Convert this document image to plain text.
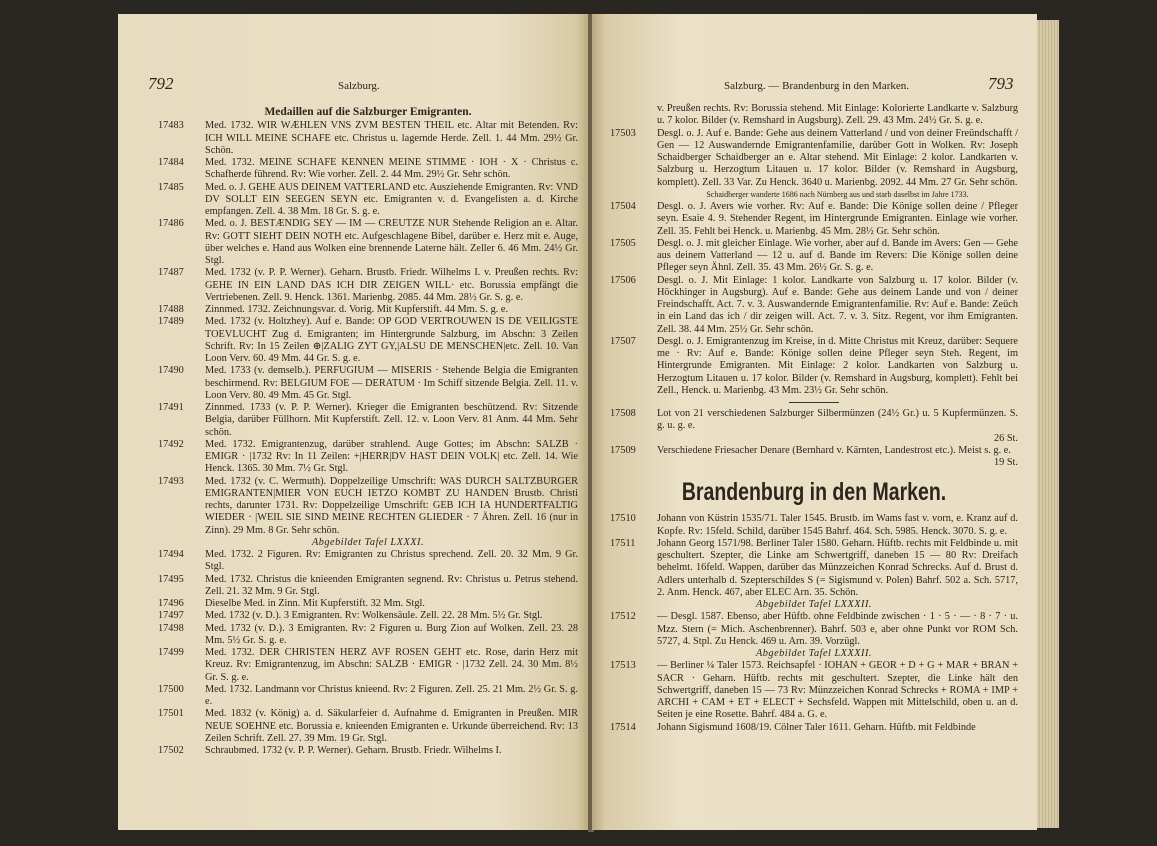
792	Salzburg.
Medaillen auf die Salzburger Emigranten.
17483 Med. 1732. WIR WÆHLEN VNS ZVM BESTEN THEIL etc. Altar mit Betenden. Rv: ICH WILL MEINE SCHAFE etc. Christus u. lagernde Herde. Zell. 1. 44 Mm. 29½ Gr. Schön.
17484 Med. 1732. MEINE SCHAFE KENNEN MEINE STIMME · IOH · X · Christus c. Schafherde führend. Rv: Wie vorher. Zell. 2. 44 Mm. 29½ Gr. Sehr schön.
17485 Med. o. J. GEHE AUS DEINEM VATTERLAND etc. Ausziehende Emigranten. Rv: VND DV SOLLT EIN SEEGEN SEYN etc. Emigranten v. d. Evangelisten a. d. Kirche empfangen. Zell. 4. 38 Mm. 18 Gr. S. g. e.
17486 Med. o. J. BESTÆNDIG SEY — IM — CREUTZE NUR Stehende Religion an e. Altar. Rv: GOTT SIEHT DEIN NOTH etc. Aufgeschlagene Bibel, darüber e. Herz mit e. Auge, über welches e. Hand aus Wolken eine brennende Laterne hält. Zeller 6. 46 Mm. 24½ Gr. Stgl.
17487 Med. 1732 (v. P. P. Werner). Geharn. Brustb. Friedr. Wilhelms I. v. Preußen rechts. Rv: GEHE IN EIN LAND DAS ICH DIR ZEIGEN WILL· etc. Borussia empfängt die Vertriebenen. Zell. 9. Henck. 1361. Marienbg. 2085. 44 Mm. 28½ Gr. S. g. e.
17488 Zinnmed. 1732. Zeichnungsvar. d. Vorig. Mit Kupferstift. 44 Mm. S. g. e.
17489 Med. 1732 (v. Holtzhey). Auf e. Bande: OP GOD VERTROUWEN IS DE VEILIGSTE TOEVLUCHT Zug d. Emigranten; im Hintergrunde Salzburg, im Abschn: 3 Zeilen Schrift. Rv: In 15 Zeilen ⊕|ZALIG ZYT GY,|ALSU DE MENSCHEN|etc. Zell. 10. Van Loon Verv. 60. 49 Mm. 44 Gr. S. g. e.
17490 Med. 1733 (v. demselb.). PERFUGIUM — MISERIS · Stehende Belgia die Emigranten beschirmend. Rv: BELGIUM FOE — DERATUM · Im Schiff sitzende Belgia. Zell. 11. v. Loon Verv. 80. 49 Mm. 45 Gr. Stgl.
17491 Zinnmed. 1733 (v. P. P. Werner). Krieger die Emigranten beschützend. Rv: Sitzende Belgia, darüber Füllhorn. Mit Kupferstift. Zell. 12. v. Loon Verv. 81 Anm. 44 Mm. Sehr schön.
17492 Med. 1732. Emigrantenzug, darüber strahlend. Auge Gottes; im Abschn: SALZB · EMIGR · |1732 Rv: In 11 Zeilen: +|HERR|DV HAST DEIN VOLK| etc. Zell. 14. Wie Henck. 1365. 30 Mm. 7½ Gr. Stgl.
17493 Med. 1732 (v. C. Wermuth). Doppelzeilige Umschrift: WAS DURCH SALTZBURGER EMIGRANTEN|MIER VON EUCH IETZO KOMBT ZU HANDEN Brustb. Christi rechts, darunter 1731. Rv: Doppelzeilige Umschrift: GEB ICH IA HUNDERTFALTIG WIEDER · |WEIL SIE SIND MEINE RECHTEN GLIEDER · 7 Ähren. Zell. 16 (nur in Zinn). 29 Mm. 8 Gr. Sehr schön.
Abgebildet Tafel LXXXI.
17494 Med. 1732. 2 Figuren. Rv: Emigranten zu Christus sprechend. Zell. 20. 32 Mm. 9 Gr. Stgl.
17495 Med. 1732. Christus die knieenden Emigranten segnend. Rv: Christus u. Petrus stehend. Zell. 21. 32 Mm. 9 Gr. Stgl.
17496 Dieselbe Med. in Zinn. Mit Kupferstift. 32 Mm. Stgl.
17497 Med. 1732 (v. D.). 3 Emigranten. Rv: Wolkensäule. Zell. 22. 28 Mm. 5½ Gr. Stgl.
17498 Med. 1732 (v. D.). 3 Emigranten. Rv: 2 Figuren u. Burg Zion auf Wolken. Zell. 23. 28 Mm. 5½ Gr. S. g. e.
17499 Med. 1732. DER CHRISTEN HERZ AVF ROSEN GEHT etc. Rose, darin Herz mit Kreuz. Rv: Emigrantenzug, im Abschn: SALZB · EMIGR · |1732 Zell. 24. 30 Mm. 8½ Gr. S. g. e.
17500 Med. 1732. Landmann vor Christus knieend. Rv: 2 Figuren. Zell. 25. 21 Mm. 2½ Gr. S. g. e.
17501 Med. 1832 (v. König) a. d. Säkularfeier d. Aufnahme d. Emigranten in Preußen. MIR NEUE SOEHNE etc. Borussia e. knieenden Emigranten e. Urkunde überreichend. Rv: 13 Zeilen Schrift. Zell. 27. 39 Mm. 19 Gr. Stgl.
17502 Schraubmed. 1732 (v. P. P. Werner). Geharn. Brustb. Friedr. Wilhelms I.
Salzburg. — Brandenburg in den Marken.	793
v. Preußen rechts. Rv: Borussia stehend. Mit Einlage: Kolorierte Landkarte v. Salzburg u. 7 kolor. Bilder (v. Remshard in Augsburg). Zell. 29. 43 Mm. 24½ Gr. S. g. e.
17503 Desgl. o. J. Auf e. Bande: Gehe aus deinem Vatterland / und von deiner Freündschafft / Gen — 12 Auswandernde Emigrantenfamilie, darüber Gott in Wolken. Rv: Joseph Schaidberger Schaidberger an e. Altar stehend. Mit Einlage: 2 kolor. Landkarten v. Salzburg u. Herzogtum Litauen u. 17 kolor. Bilder (v. Remshard in Augsburg, komplett). Zell. 33 Var. Zu Henck. 3640 u. Marienbg. 2092. 44 Mm. 27 Gr. Sehr schön.
Schaidberger wanderte 1686 nach Nürnberg aus und starb daselbst im Jahre 1733.
17504 Desgl. o. J. Avers wie vorher. Rv: Auf e. Bande: Die Könige sollen deine / Pfleger seyn. Esaie 4. 9. Stehender Regent, im Hintergrunde Emigranten. Einlage wie vorher. Zell. 35. Fehlt bei Henck. u. Marienbg. 45 Mm. 28½ Gr. Sehr schön.
17505 Desgl. o. J. mit gleicher Einlage. Wie vorher, aber auf d. Bande im Avers: Gen — Gehe aus deinem Vatterland — 12 u. auf d. Bande im Revers: Die Könige sollen deine Pfleger seyn Ähnl. Zell. 35. 43 Mm. 26½ Gr. S. g. e.
17506 Desgl. o. J. Mit Einlage: 1 kolor. Landkarte von Salzburg u. 17 kolor. Bilder (v. Höckhinger in Augsburg). Auf e. Bande: Gehe aus deinem Lande und von / deiner Freindschafft. Act. 7. v. 3. Auswandernde Emigrantenfamilie. Rv: Auf e. Bande: Zeüch in ein Land das ich / dir zeigen will. Act. 7. v. 3. Sitz. Regent, vor ihm Emigranten. Zell. 38. 44 Mm. 25½ Gr. Sehr schön.
17507 Desgl. o. J. Emigrantenzug im Kreise, in d. Mitte Christus mit Kreuz, darüber: Sequere me · Rv: Auf e. Bande: Könige sollen deine Pfleger seyn Steh. Regent, im Hintergrunde Emigranten. Mit Einlage: 2 kolor. Landkarten von Salzburg u. Herzogtum Litauen u. 17 kolor. Bilder (v. Remshard in Augsburg, komplett). Fehlt bei Zell., Henck. u. Marienbg. 43 Mm. 23½ Gr. Sehr schön.
17508 Lot von 21 verschiedenen Salzburger Silbermünzen (24½ Gr.) u. 5 Kupfermünzen. S. g. u. g. e.
26 St.
17509 Verschiedene Friesacher Denare (Bernhard v. Kärnten, Landestrost etc.). Meist s. g. e.
19 St.
Brandenburg in den Marken.
17510 Johann von Küstrin 1535/71. Taler 1545. Brustb. im Wams fast v. vorn, e. Kranz auf d. Kopfe. Rv: 15feld. Schild, darüber 1545 Bahrf. 464. Sch. 5985. Henck. 3070. S. g. e.
17511 Johann Georg 1571/98. Berliner Taler 1580. Geharn. Hüftb. rechts mit Feldbinde u. mit geschultert. Szepter, die Linke am Schwertgriff, daneben 15 — 80 Rv: Dreifach behelmt. 16feld. Wappen, darüber das Münzzeichen Konrad Schrecks. Auf d. Brust d. Adlers unterhalb d. Szepterschildes S (= Sigismund v. Polen) Bahrf. 502 a. Sch. 5717, 2. Anm. Henck. 467, aber ELEC Arn. 35. Schön.
Abgebildet Tafel LXXXII.
17512 — Desgl. 1587. Ebenso, aber Hüftb. ohne Feldbinde zwischen · 1 · 5 · — · 8 · 7 · u. Mzz. Stern (= Mich. Aschenbrenner). Bahrf. 503 e, aber ohne Punkt vor ROM Sch. 5727, 4. Stpl. Zu Henck. 469 u. Arn. 39. Vorzügl.
Abgebildet Tafel LXXXII.
17513 — Berliner ¼ Taler 1573. Reichsapfel · IOHAN + GEOR + D + G + MAR + BRAN + SACR · Geharn. Hüftb. rechts mit geschultert. Szepter, die Linke hält den Schwertgriff, daneben 15 — 73 Rv: Münzzeichen Konrad Schrecks + ROMA + IMP + ARCHI + CAM + ET + ELECT + Sechsfeld. Wappen mit Mittelschild, oben u. an d. Seiten je eine Rosette. Bahrf. 484 a. G. e.
17514 Johann Sigismund 1608/19. Cölner Taler 1611. Geharn. Hüftb. mit Feldbinde
